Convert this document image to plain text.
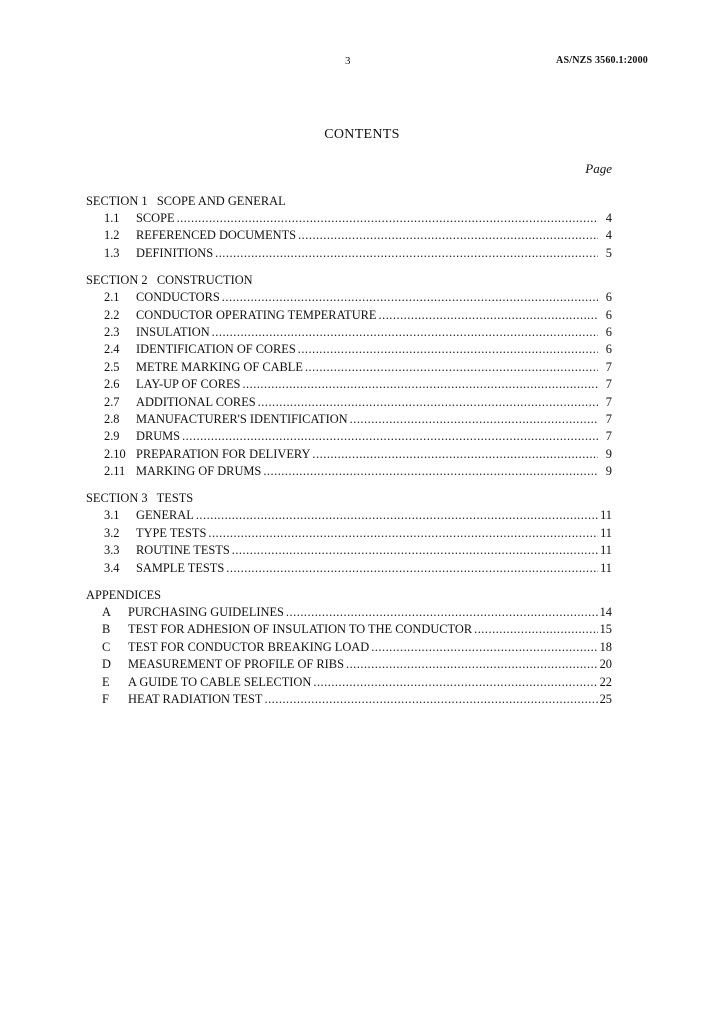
3	AS/NZS 3560.1:2000
CONTENTS
Page
SECTION 1   SCOPE AND GENERAL
1.1	SCOPE .....	4
1.2	REFERENCED DOCUMENTS .....	4
1.3	DEFINITIONS .....	5
SECTION 2   CONSTRUCTION
2.1	CONDUCTORS .....	6
2.2	CONDUCTOR OPERATING TEMPERATURE .....	6
2.3	INSULATION .....	6
2.4	IDENTIFICATION OF CORES .....	6
2.5	METRE MARKING OF CABLE .....	7
2.6	LAY-UP OF CORES .....	7
2.7	ADDITIONAL CORES .....	7
2.8	MANUFACTURER'S IDENTIFICATION .....	7
2.9	DRUMS .....	7
2.10 PREPARATION FOR DELIVERY .....	9
2.11 MARKING OF DRUMS .....	9
SECTION 3   TESTS
3.1	GENERAL .....	11
3.2	TYPE TESTS .....	11
3.3	ROUTINE TESTS .....	11
3.4	SAMPLE TESTS .....	11
APPENDICES
A	PURCHASING GUIDELINES .....	14
B	TEST FOR ADHESION OF INSULATION TO THE CONDUCTOR .....	15
C	TEST FOR CONDUCTOR BREAKING LOAD .....	18
D	MEASUREMENT OF PROFILE OF RIBS .....	20
E	A GUIDE TO CABLE SELECTION .....	22
F	HEAT RADIATION TEST .....	25
